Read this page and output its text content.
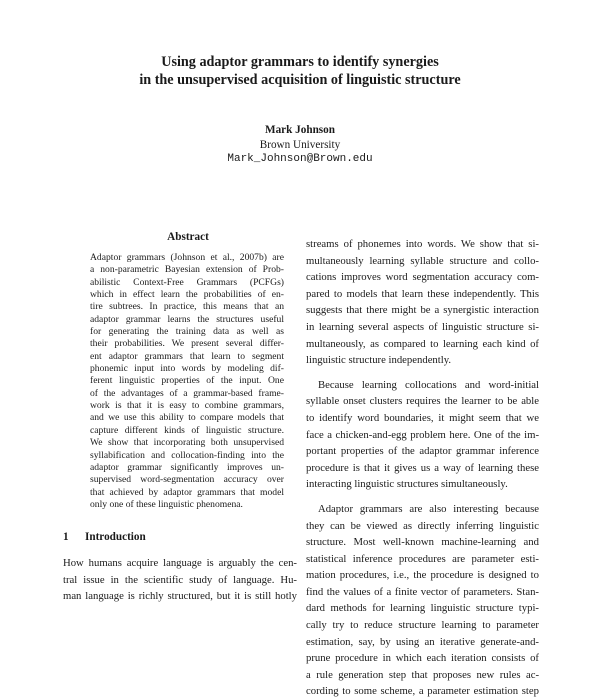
Using adaptor grammars to identify synergies
in the unsupervised acquisition of linguistic structure
Mark Johnson
Brown University
Mark_Johnson@Brown.edu
Abstract
Adaptor grammars (Johnson et al., 2007b) are
a non-parametric Bayesian extension of Prob-
abilistic Context-Free Grammars (PCFGs)
which in effect learn the probabilities of en-
tire subtrees. In practice, this means that an
adaptor grammar learns the structures useful
for generating the training data as well as
their probabilities. We present several differ-
ent adaptor grammars that learn to segment
phonemic input into words by modeling dif-
ferent linguistic properties of the input. One
of the advantages of a grammar-based frame-
work is that it is easy to combine grammars,
and we use this ability to compare models that
capture different kinds of linguistic structure.
We show that incorporating both unsupervised
syllabification and collocation-finding into the
adaptor grammar significantly improves un-
supervised word-segmentation accuracy over
that achieved by adaptor grammars that model
only one of these linguistic phenomena.
1 Introduction
How humans acquire language is arguably the cen-
tral issue in the scientific study of language. Hu-
man language is richly structured, but it is still hotly
streams of phonemes into words. We show that si-
multaneously learning syllable structure and collo-
cations improves word segmentation accuracy com-
pared to models that learn these independently. This
suggests that there might be a synergistic interaction
in learning several aspects of linguistic structure si-
multaneously, as compared to learning each kind of
linguistic structure independently.
Because learning collocations and word-initial
syllable onset clusters requires the learner to be able
to identify word boundaries, it might seem that we
face a chicken-and-egg problem here. One of the im-
portant properties of the adaptor grammar inference
procedure is that it gives us a way of learning these
interacting linguistic structures simultaneously.
Adaptor grammars are also interesting because
they can be viewed as directly inferring linguistic
structure. Most well-known machine-learning and
statistical inference procedures are parameter esti-
mation procedures, i.e., the procedure is designed to
find the values of a finite vector of parameters. Stan-
dard methods for learning linguistic structure typi-
cally try to reduce structure learning to parameter
estimation, say, by using an iterative generate-and-
prune procedure in which each iteration consists of
a rule generation step that proposes new rules ac-
cording to some scheme, a parameter estimation step
